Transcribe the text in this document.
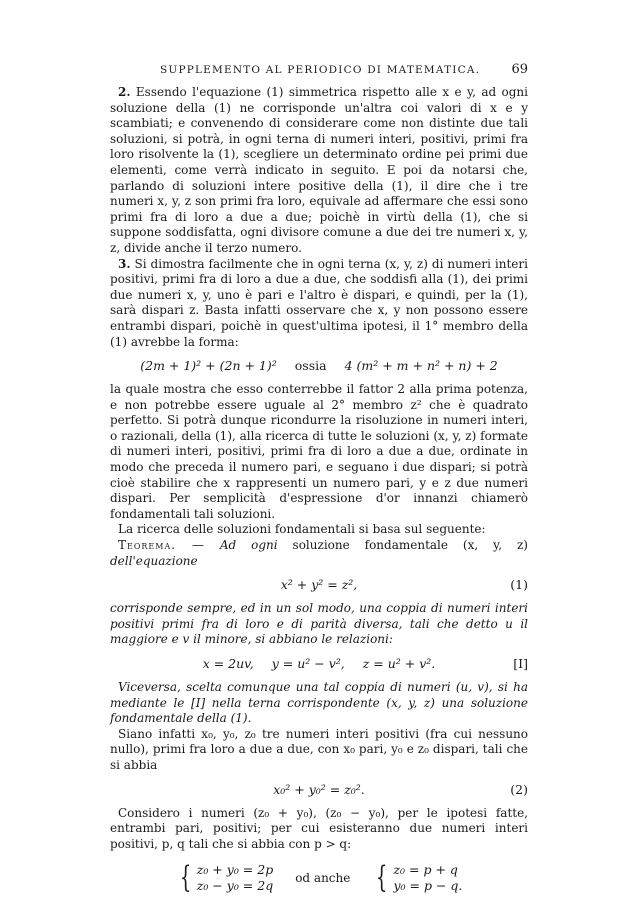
SUPPLEMENTO AL PERIODICO DI MATEMATICA. 69

2. Essendo l'equazione (1) simmetrica rispetto alle x e y, ad ogni soluzione della (1) ne corrisponde un'altra coi valori di x e y scambiati; e convenendo di considerare come non distinte due tali soluzioni, si potrà, in ogni terna di numeri interi, positivi, primi fra loro risolvente la (1), scegliere un determinato ordine pei primi due elementi, come verrà indicato in seguito. E poi da notarsi che, parlando di soluzioni intere positive della (1), il dire che i tre numeri x, y, z son primi fra loro, equivale ad affermare che essi sono primi fra di loro a due a due; poichè in virtù della (1), che si suppone soddisfatta, ogni divisore comune a due dei tre numeri x, y, z, divide anche il terzo numero.

3. Si dimostra facilmente che in ogni terna (x, y, z) di numeri interi positivi, primi fra di loro a due a due, che soddisfi alla (1), dei primi due numeri x, y, uno è pari e l'altro è dispari, e quindi, per la (1), sarà dispari z. Basta infatti osservare che x, y non possono essere entrambi dispari, poichè in quest'ultima ipotesi, il 1° membro della (1) avrebbe la forma:

(2m + 1)² + (2n + 1)² ossia 4 (m² + m + n² + n) + 2

la quale mostra che esso conterrebbe il fattor 2 alla prima potenza, e non potrebbe essere uguale al 2° membro z² che è quadrato perfetto. Si potrà dunque ricondurre la risoluzione in numeri interi, o razionali, della (1), alla ricerca di tutte le soluzioni (x, y, z) formate di numeri interi, positivi, primi fra di loro a due a due, ordinate in modo che preceda il numero pari, e seguano i due dispari; si potrà cioè stabilire che x rappresenti un numero pari, y e z due numeri dispari. Per semplicità d'espressione d'or innanzi chiamerò fondamentali tali soluzioni.

La ricerca delle soluzioni fondamentali si basa sul seguente:

Teorema. — Ad ogni soluzione fondamentale (x, y, z) dell'equazione

x² + y² = z²,	(1)

corrisponde sempre, ed in un sol modo, una coppia di numeri interi positivi primi fra di loro e di parità diversa, tali che detto u il maggiore e v il minore, si abbiano le relazioni:

x = 2uv, y = u² − v², z = u² + v².	[I]

Viceversa, scelta comunque una tal coppia di numeri (u, v), si ha mediante le [I] nella terna corrispondente (x, y, z) una soluzione fondamentale della (1).

Siano infatti x₀, y₀, z₀ tre numeri interi positivi (fra cui nessuno nullo), primi fra loro a due a due, con x₀ pari, y₀ e z₀ dispari, tali che si abbia

x₀² + y₀² = z₀².	(2)

Considero i numeri (z₀ + y₀), (z₀ − y₀), per le ipotesi fatte, entrambi pari, positivi; per cui esisteranno due numeri interi positivi, p, q tali che si abbia con p > q:

{ z₀ + y₀ = 2p
z₀ − y₀ = 2q od anche { z₀ = p + q
y₀ = p − q.
